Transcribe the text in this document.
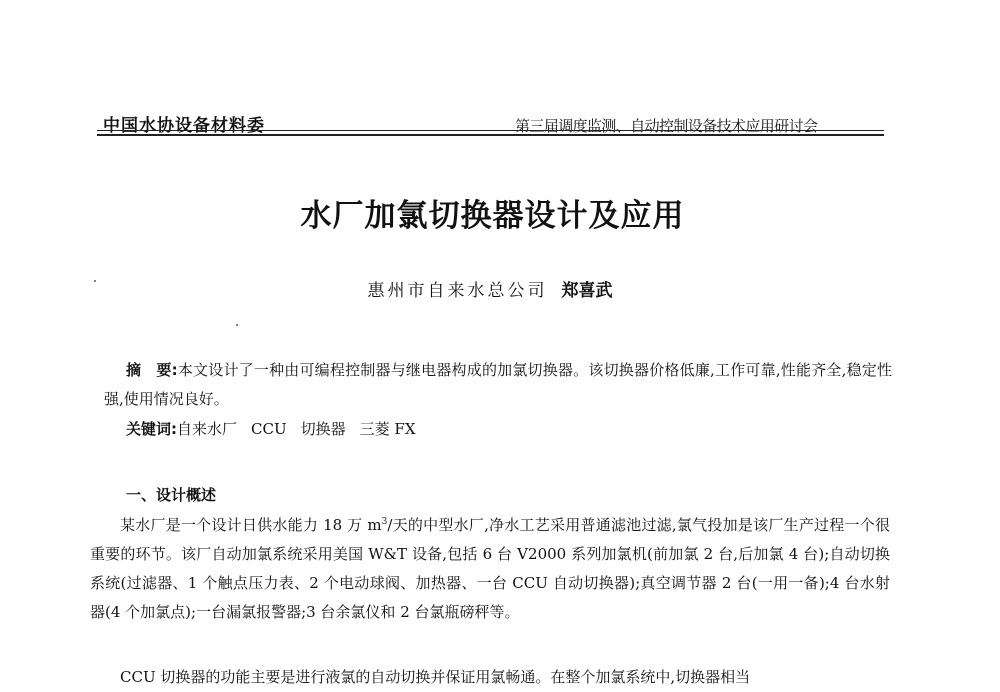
中国水协设备材料委	第三届调度监测、自动控制设备技术应用研讨会
水厂加氯切换器设计及应用
惠州市自来水总公司 郑喜武
摘　要:本文设计了一种由可编程控制器与继电器构成的加氯切换器。该切换器价格低廉,工作可靠,性能齐全,稳定性强,使用情况良好。
关键词:自来水厂 CCU 切换器 三菱 FX
一、设计概述

某水厂是一个设计日供水能力 18 万 $m^3/$天的中型水厂,净水工艺采用普通滤池过滤,氯气投加是该厂生产过程一个很重要的环节。该厂自动加氯系统采用美国 W&T 设备,包括 6 台 V2000 系列加氯机(前加氯 2 台,后加氯 4 台);自动切换系统(过滤器、1 个触点压力表、2 个电动球阀、加热器、一台 CCU 自动切换器);真空调节器 2 台(一用一备);4 台水射器(4 个加氯点);一台漏氯报警器;3 台余氯仪和 2 台氯瓶磅秤等。

CCU 切换器的功能主要是进行液氯的自动切换并保证用氯畅通。在整个加氯系统中,切换器相当
